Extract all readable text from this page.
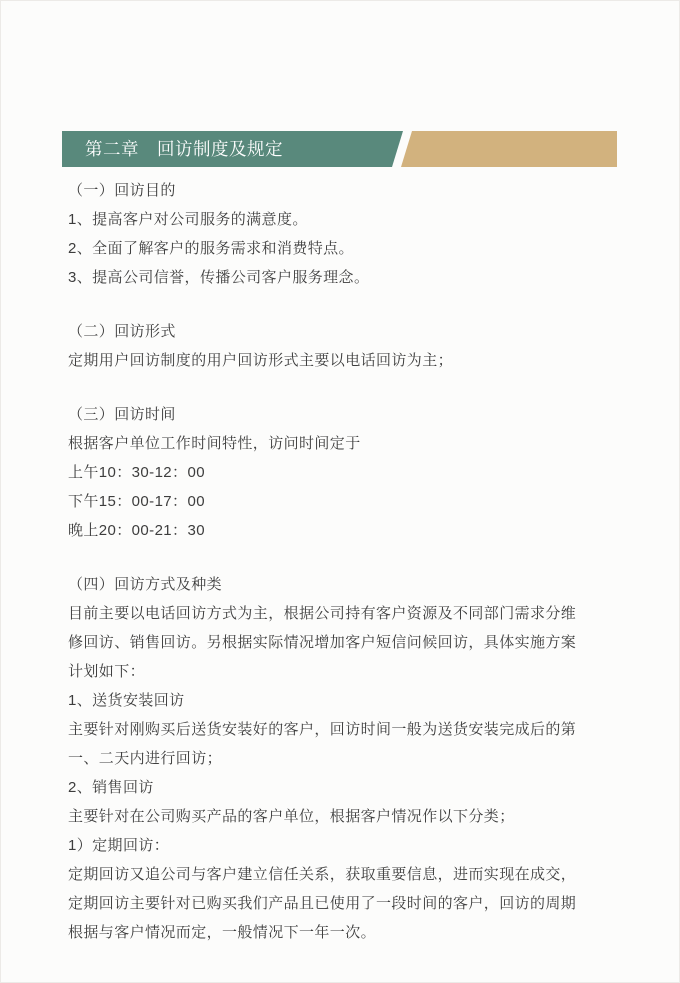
第二章　回访制度及规定
（一）回访目的
1、提高客户对公司服务的满意度。
2、全面了解客户的服务需求和消费特点。
3、提高公司信誉，传播公司客户服务理念。
（二）回访形式
定期用户回访制度的用户回访形式主要以电话回访为主；
（三）回访时间
根据客户单位工作时间特性，访问时间定于
上午10：30-12：00
下午15：00-17：00
晚上20：00-21：30
（四）回访方式及种类
目前主要以电话回访方式为主，根据公司持有客户资源及不同部门需求分维
修回访、销售回访。另根据实际情况增加客户短信问候回访，具体实施方案
计划如下：
1、送货安装回访
主要针对刚购买后送货安装好的客户，回访时间一般为送货安装完成后的第
一、二天内进行回访；
2、销售回访
主要针对在公司购买产品的客户单位，根据客户情况作以下分类；
1）定期回访：
定期回访又追公司与客户建立信任关系，获取重要信息，进而实现在成交，
定期回访主要针对已购买我们产品且已使用了一段时间的客户，回访的周期
根据与客户情况而定，一般情况下一年一次。
